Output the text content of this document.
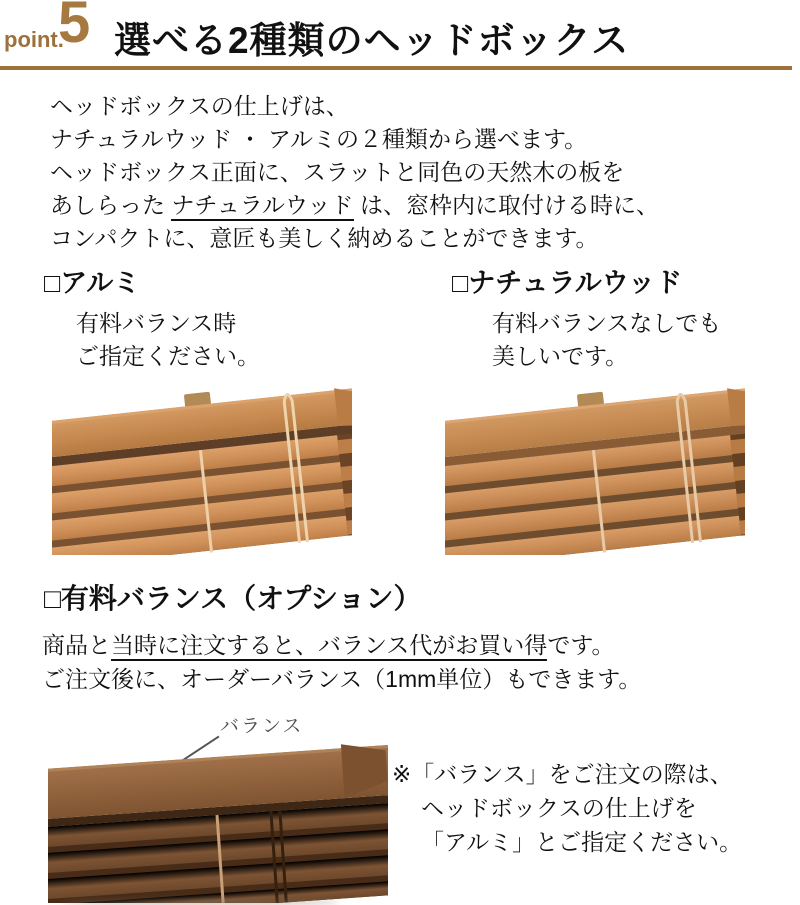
point.
5 選べる2種類のヘッドボックス
ヘッドボックスの仕上げは、
ナチュラルウッド ・ アルミの２種類から選べます。
ヘッドボックス正面に、スラットと同色の天然木の板を
あしらった ナチュラルウッド は、窓枠内に取付ける時に、
コンパクトに、意匠も美しく納めることができます。
□アルミ
有料バランス時
ご指定ください。
□ナチュラルウッド
有料バランスなしでも
美しいです。
□有料バランス（オプション）
商品と当時に注文すると、バランス代がお買い得です。
ご注文後に、オーダーバランス（1mm単位）もできます。
バランス
※「バランス」をご注文の際は、
ヘッドボックスの仕上げを
「アルミ」とご指定ください。
